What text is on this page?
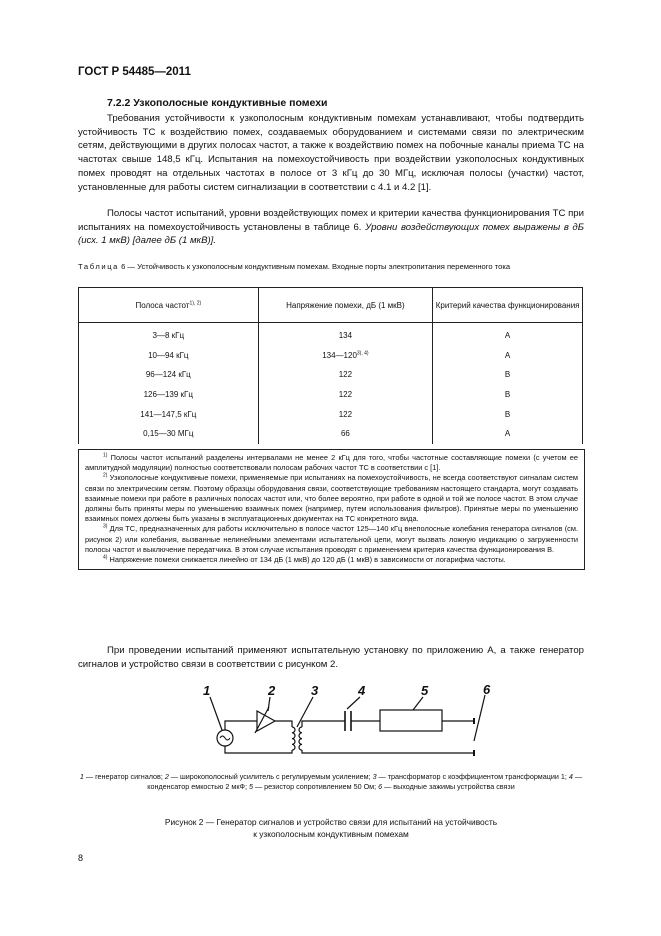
ГОСТ Р 54485—2011
7.2.2 Узкополосные кондуктивные помехи
Требования устойчивости к узкополосным кондуктивным помехам устанавливают, чтобы подтвердить устойчивость ТС к воздействию помех, создаваемых оборудованием и системами связи по электрическим сетям, действующими в других полосах частот, а также к воздействию помех на побочные каналы приема ТС на частотах свыше 148,5 кГц. Испытания на помехоустойчивость при воздействии узкополосных кондуктивных помех проводят на отдельных частотах в полосе от 3 кГц до 30 МГц, исключая полосы (участки) частот, установленные для работы систем сигнализации в соответствии с 4.1 и 4.2 [1].
Полосы частот испытаний, уровни воздействующих помех и критерии качества функционирования ТС при испытаниях на помехоустойчивость установлены в таблице 6. Уровни воздействующих помех выражены в дБ (исх. 1 мкВ) [далее дБ (1 мкВ)].
Таблица 6 — Устойчивость к узкополосным кондуктивным помехам. Входные порты электропитания переменного тока
Полоса частот$^{1), 2)}$	Напряжение помехи, дБ (1 мкВ)	Критерий качества функционирования
3—8 кГц	134	А
10—94 кГц	$134—120^{3), 4)}$	А
96—124 кГц	122	В
126—139 кГц	122	В
141—147,5 кГц	122	В
0,15—30 МГц	66	А

$^{1)}$ Полосы частот испытаний разделены интервалами не менее 2 кГц для того, чтобы частотные составляющие помехи (с учетом ее амплитудной модуляции) полностью соответствовали полосам рабочих частот ТС в соответствии с [1].

$^{2)}$ Узкополосные кондуктивные помехи, применяемые при испытаниях на помехоустойчивость, не всегда соответствуют сигналам систем связи по электрическим сетям. Поэтому образцы оборудования связи, соответствующие требованиям настоящего стандарта, могут создавать взаимные помехи при работе в различных полосах частот или, что более вероятно, при работе в одной и той же полосе частот. В этом случае должны быть приняты меры по уменьшению взаимных помех (например, путем использования фильтров). Принятые меры по уменьшению взаимных помех должны быть указаны в эксплуатационных документах на ТС конкретного вида.

$^{3)}$ Для ТС, предназначенных для работы исключительно в полосе частот 125—140 кГц внеполосные колебания генератора сигналов (см. рисунок 2) или колебания, вызванные нелинейными элементами испытательной цепи, могут вызвать ложную индикацию о загруженности полосы частот и выключение передатчика. В этом случае испытания проводят с применением критерия качества функционирования В.

$^{4)}$ Напряжение помехи снижается линейно от 134 дБ (1 мкВ) до 120 дБ (1 мкВ) в зависимости от логарифма частоты.

При проведении испытаний применяют испытательную установку по приложению А, а также генератор сигналов и устройство связи в соответствии с рисунком 2.
1	2	3	4	5	6
1 — генератор сигналов; 2 — широкополосный усилитель с регулируемым усилением; 3 — трансформатор с коэффициентом трансформации 1; 4 — конденсатор емкостью 2 мкФ; 5 — резистор сопротивлением 50 Ом; 6 — выходные зажимы устройства связи
Рисунок 2 — Генератор сигналов и устройство связи для испытаний на устойчивость
к узкополосным кондуктивным помехам
8
